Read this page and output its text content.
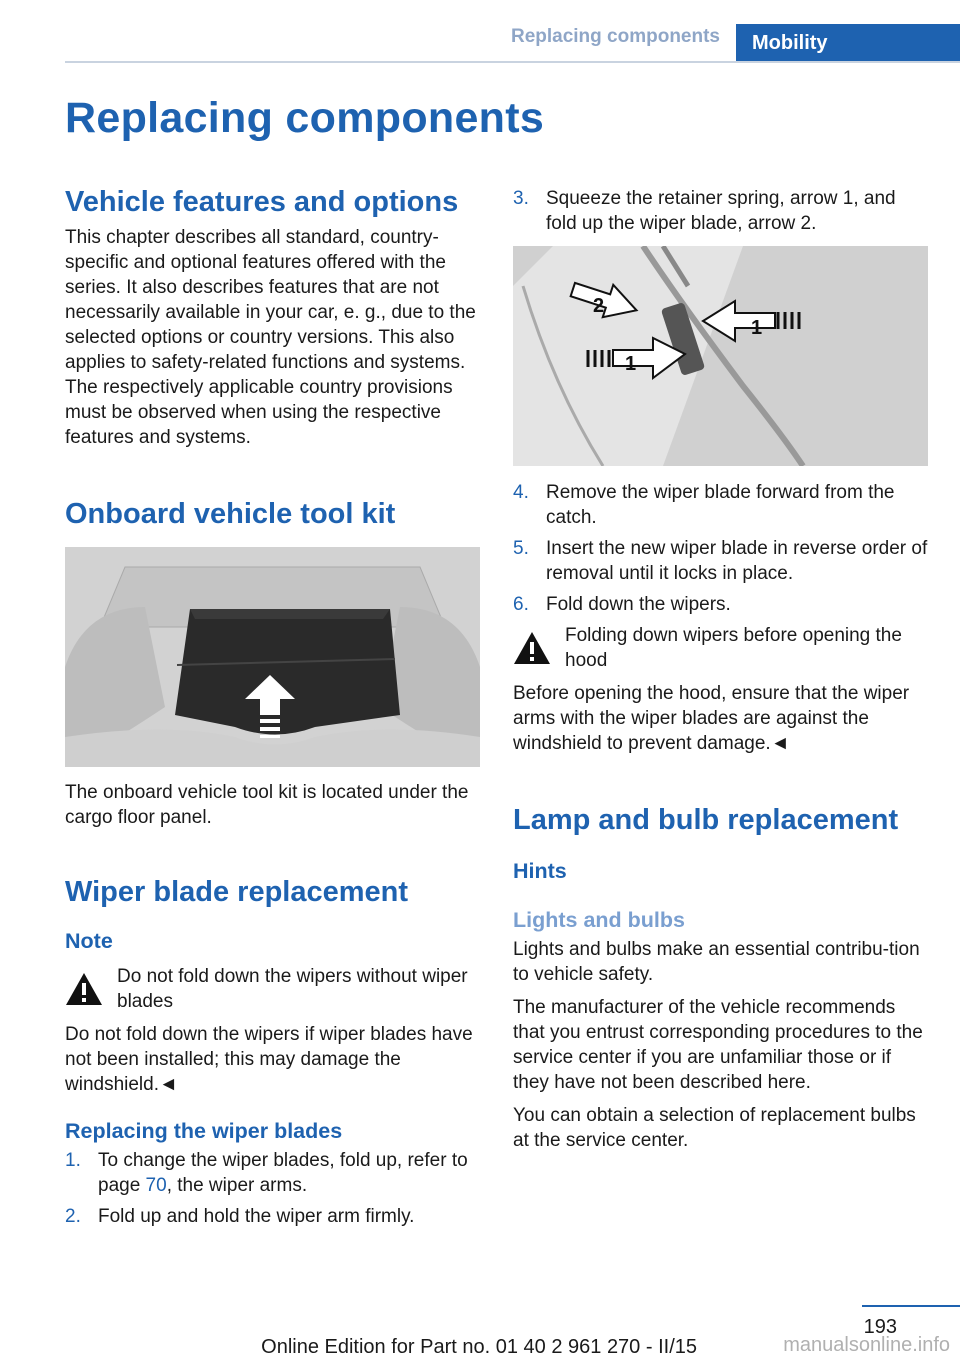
Replacing components	Mobility
Replacing components
Vehicle features and options

This chapter describes all standard, country-specific and optional features offered with the series. It also describes features that are not necessarily available in your car, e. g., due to the selected options or country versions. This also applies to safety-related functions and systems. The respectively applicable country provisions must be observed when using the respective features and systems.

Onboard vehicle tool kit

The onboard vehicle tool kit is located under the cargo floor panel.

Wiper blade replacement
Note

Do not fold down the wipers without wiper blades

Do not fold down the wipers if wiper blades have not been installed; this may damage the windshield.◄

Replacing the wiper blades
1. To change the wiper blades, fold up, refer to page 70, the wiper arms.
2. Fold up and hold the wiper arm firmly.
3. Squeeze the retainer spring, arrow 1, and fold up the wiper blade, arrow 2.
2
1
1
4. Remove the wiper blade forward from the catch.
5. Insert the new wiper blade in reverse order of removal until it locks in place.
6. Fold down the wipers.

Folding down wipers before opening the hood

Before opening the hood, ensure that the wiper arms with the wiper blades are against the windshield to prevent damage.◄

Lamp and bulb replacement
Hints
Lights and bulbs

Lights and bulbs make an essential contribu-tion to vehicle safety.

The manufacturer of the vehicle recommends that you entrust corresponding procedures to the service center if you are unfamiliar those or if they have not been described here.

You can obtain a selection of replacement bulbs at the service center.

193
Online Edition for Part no. 01 40 2 961 270 - II/15	manualsonline.info
